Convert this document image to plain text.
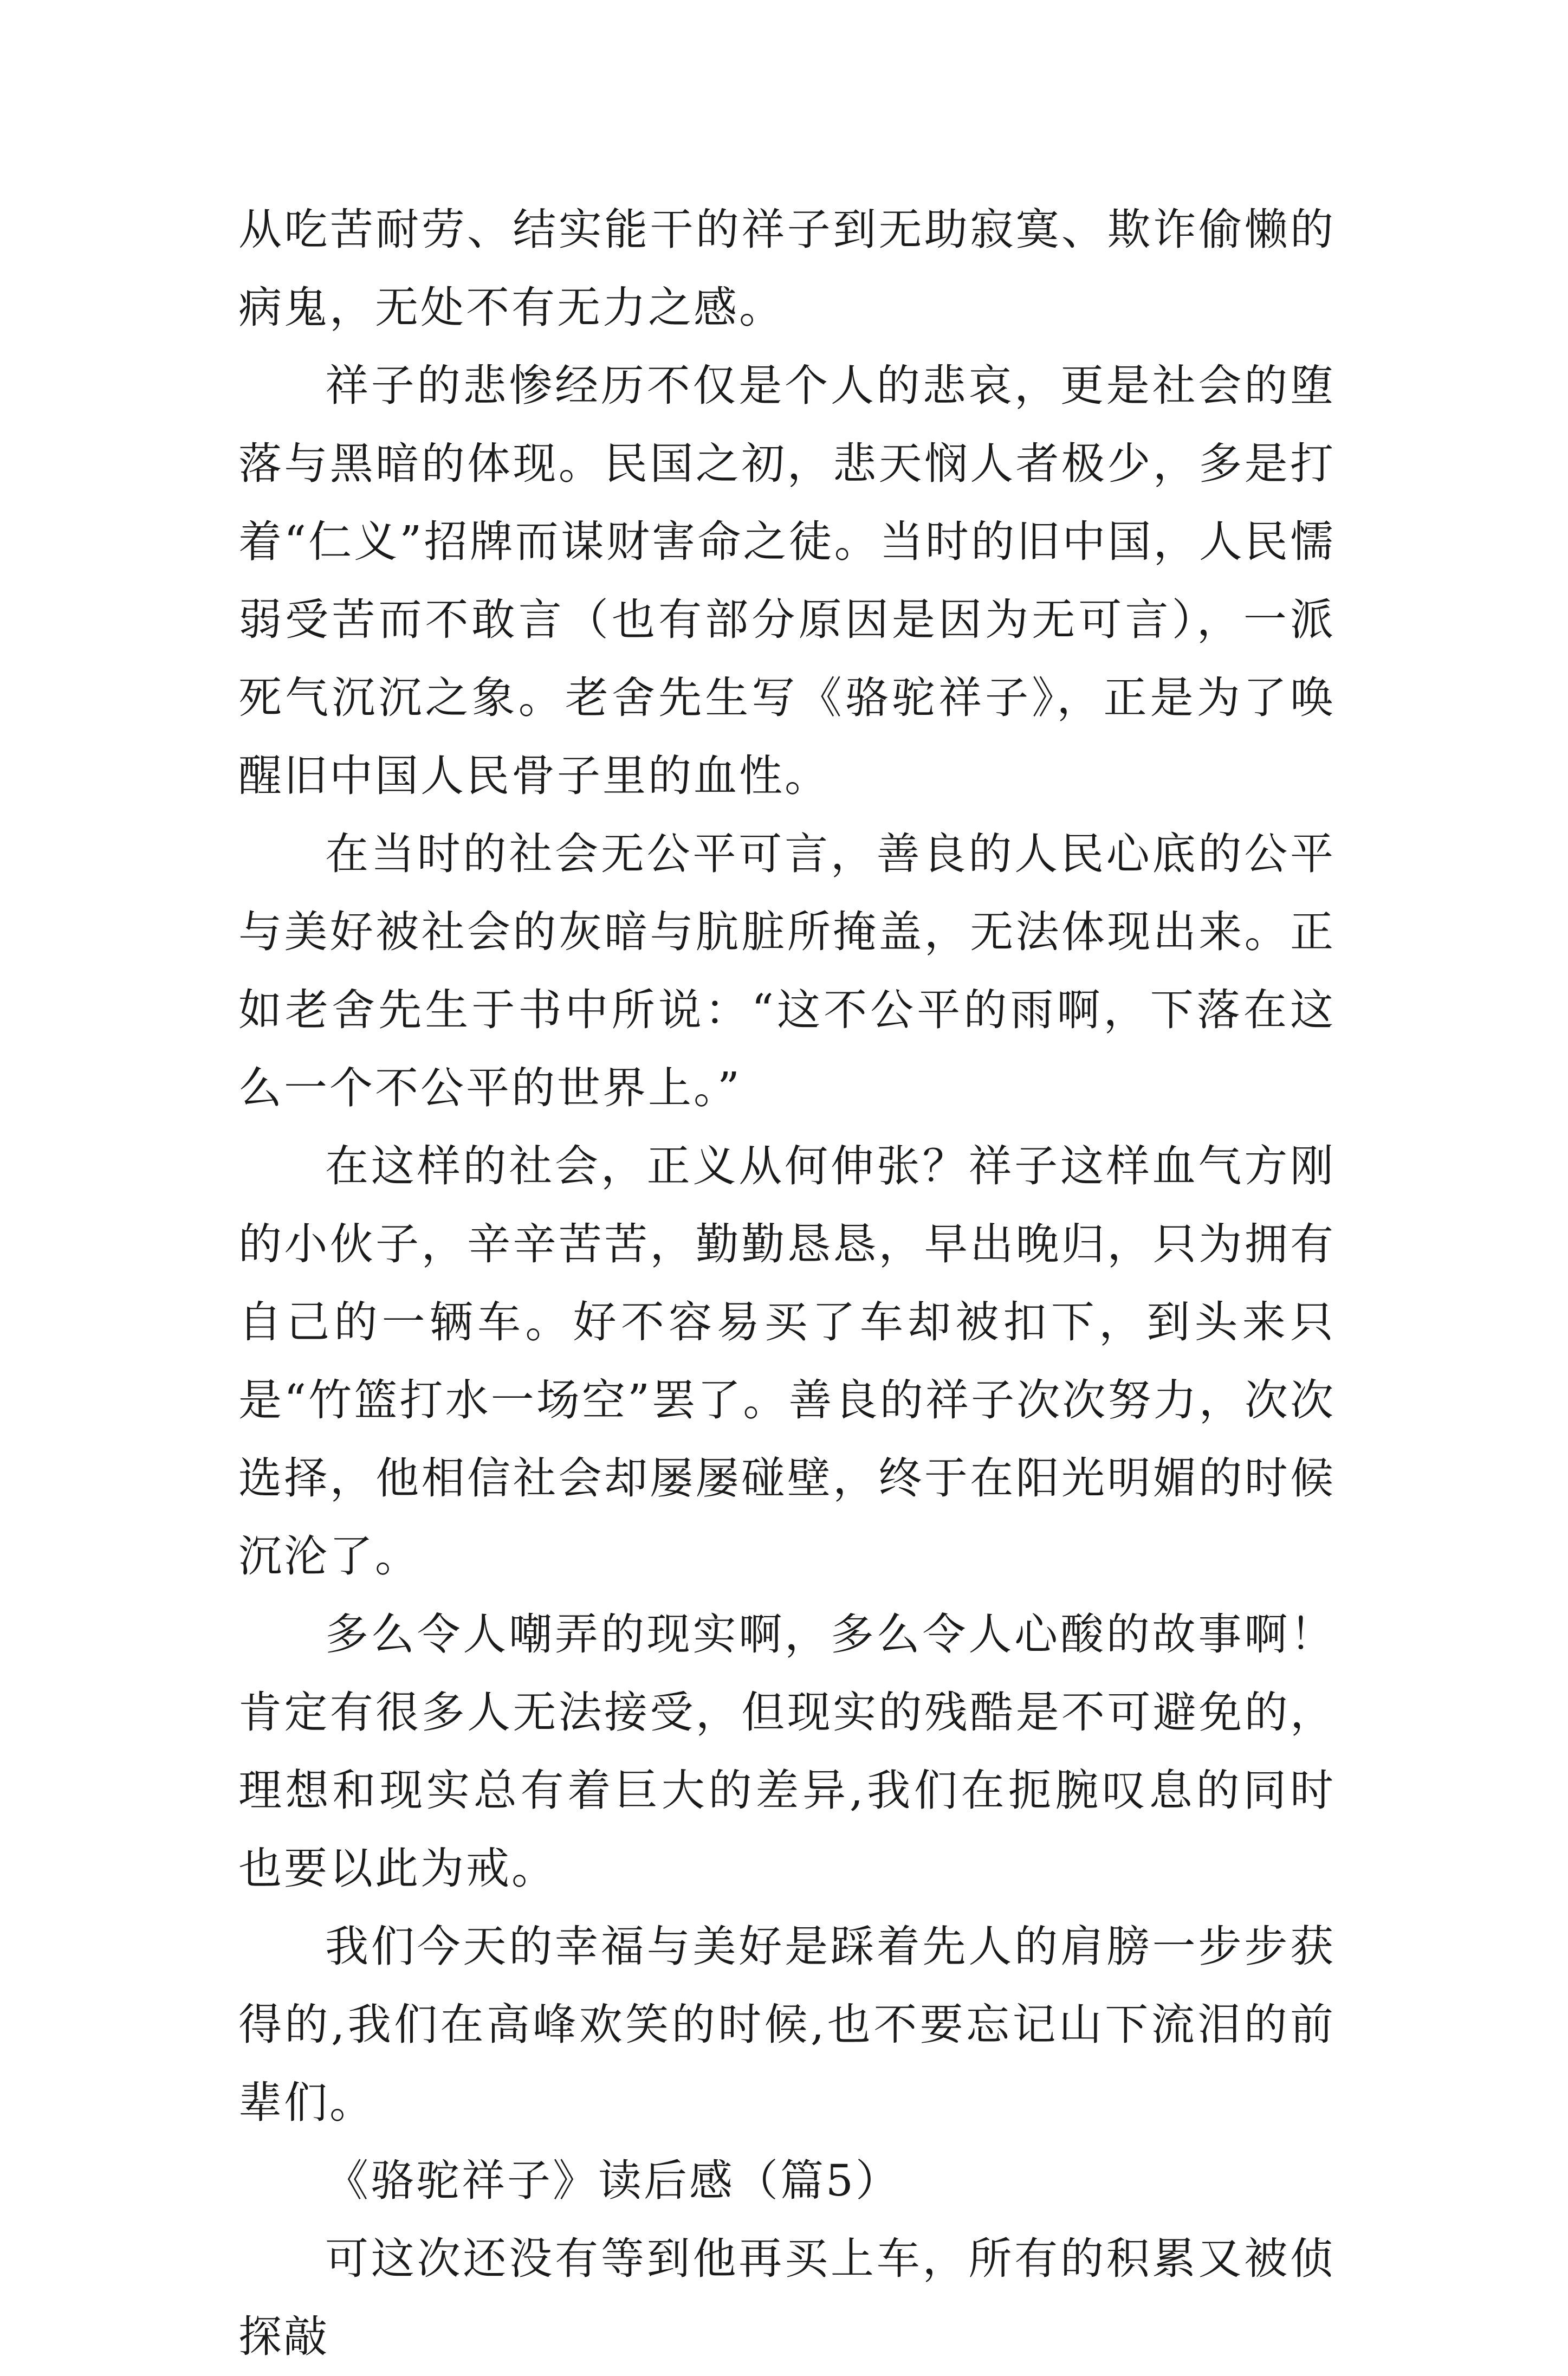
从吃苦耐劳、结实能干的祥子到无助寂寞、欺诈偷懒的病鬼，无处不有无力之感。

祥子的悲惨经历不仅是个人的悲哀，更是社会的堕落与黑暗的体现。民国之初，悲天悯人者极少，多是打着“仁义”招牌而谋财害命之徒。当时的旧中国，人民懦弱受苦而不敢言（也有部分原因是因为无可言），一派死气沉沉之象。老舍先生写《骆驼祥子》，正是为了唤醒旧中国人民骨子里的血性。

在当时的社会无公平可言，善良的人民心底的公平与美好被社会的灰暗与肮脏所掩盖，无法体现出来。正如老舍先生于书中所说：“这不公平的雨啊，下落在这么一个不公平的世界上。”

在这样的社会，正义从何伸张？祥子这样血气方刚的小伙子，辛辛苦苦，勤勤恳恳，早出晚归，只为拥有自己的一辆车。好不容易买了车却被扣下，到头来只是“竹篮打水一场空”罢了。善良的祥子次次努力，次次选择，他相信社会却屡屡碰壁，终于在阳光明媚的时候沉沦了。

多么令人嘲弄的现实啊，多么令人心酸的故事啊！肯定有很多人无法接受，但现实的残酷是不可避免的，理想和现实总有着巨大的差异,我们在扼腕叹息的同时也要以此为戒。

我们今天的幸福与美好是踩着先人的肩膀一步步获得的,我们在高峰欢笑的时候,也不要忘记山下流泪的前辈们。

《骆驼祥子》读后感（篇5）

可这次还没有等到他再买上车，所有的积累又被侦探敲
